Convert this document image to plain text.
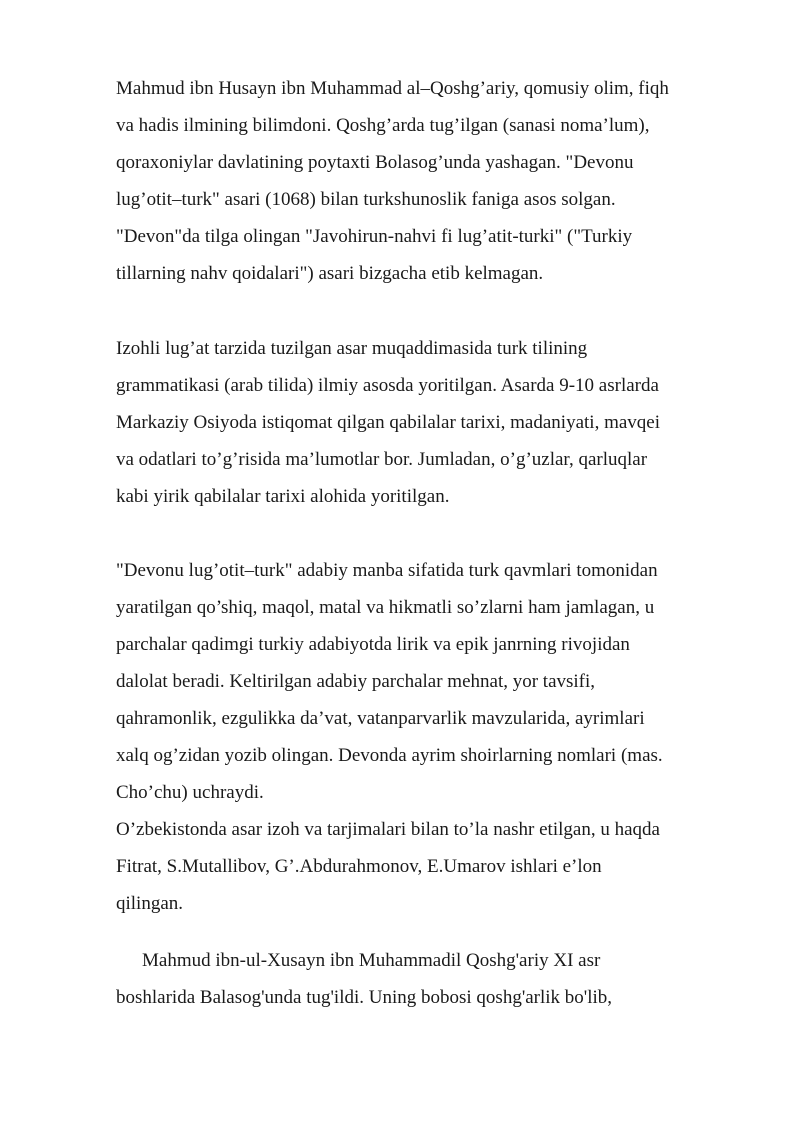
Mahmud ibn Husayn ibn Muhammad al–Qoshg’ariy, qomusiy olim, fiqh
va hadis ilmining bilimdoni. Qoshg’arda tug’ilgan (sanasi noma’lum),
qoraxoniylar davlatining poytaxti Bolasog’unda yashagan. "Devonu
lug’otit–turk" asari (1068) bilan turkshunoslik faniga asos solgan.
"Devon"da tilga olingan "Javohirun-nahvi fi lug’atit-turki" ("Turkiy
tillarning nahv qoidalari") asari bizgacha etib kelmagan.
Izohli lug’at tarzida tuzilgan asar muqaddimasida turk tilining
grammatikasi (arab tilida) ilmiy asosda yoritilgan. Asarda 9-10 asrlarda
Markaziy Osiyoda istiqomat qilgan qabilalar tarixi, madaniyati, mavqei
va odatlari to’g’risida ma’lumotlar bor. Jumladan, o’g’uzlar, qarluqlar
kabi yirik qabilalar tarixi alohida yoritilgan.
"Devonu lug’otit–turk" adabiy manba sifatida turk qavmlari tomonidan
yaratilgan qo’shiq, maqol, matal va hikmatli so’zlarni ham jamlagan, u
parchalar qadimgi turkiy adabiyotda lirik va epik janrning rivojidan
dalolat beradi. Keltirilgan adabiy parchalar mehnat, yor tavsifi,
qahramonlik, ezgulikka da’vat, vatanparvarlik mavzularida, ayrimlari
xalq og’zidan yozib olingan. Devonda ayrim shoirlarning nomlari (mas.
Cho’chu) uchraydi.
O’zbekistonda asar izoh va tarjimalari bilan to’la nashr etilgan, u haqda
Fitrat, S.Mutallibov, G’.Abdurahmonov, E.Umarov ishlari e’lon
qilingan.
Mahmud ibn-ul-Xusayn ibn Muhammadil Qoshg'ariy XI asr
boshlarida Balasog'unda tug'ildi. Uning bobosi qoshg'arlik bo'lib,
